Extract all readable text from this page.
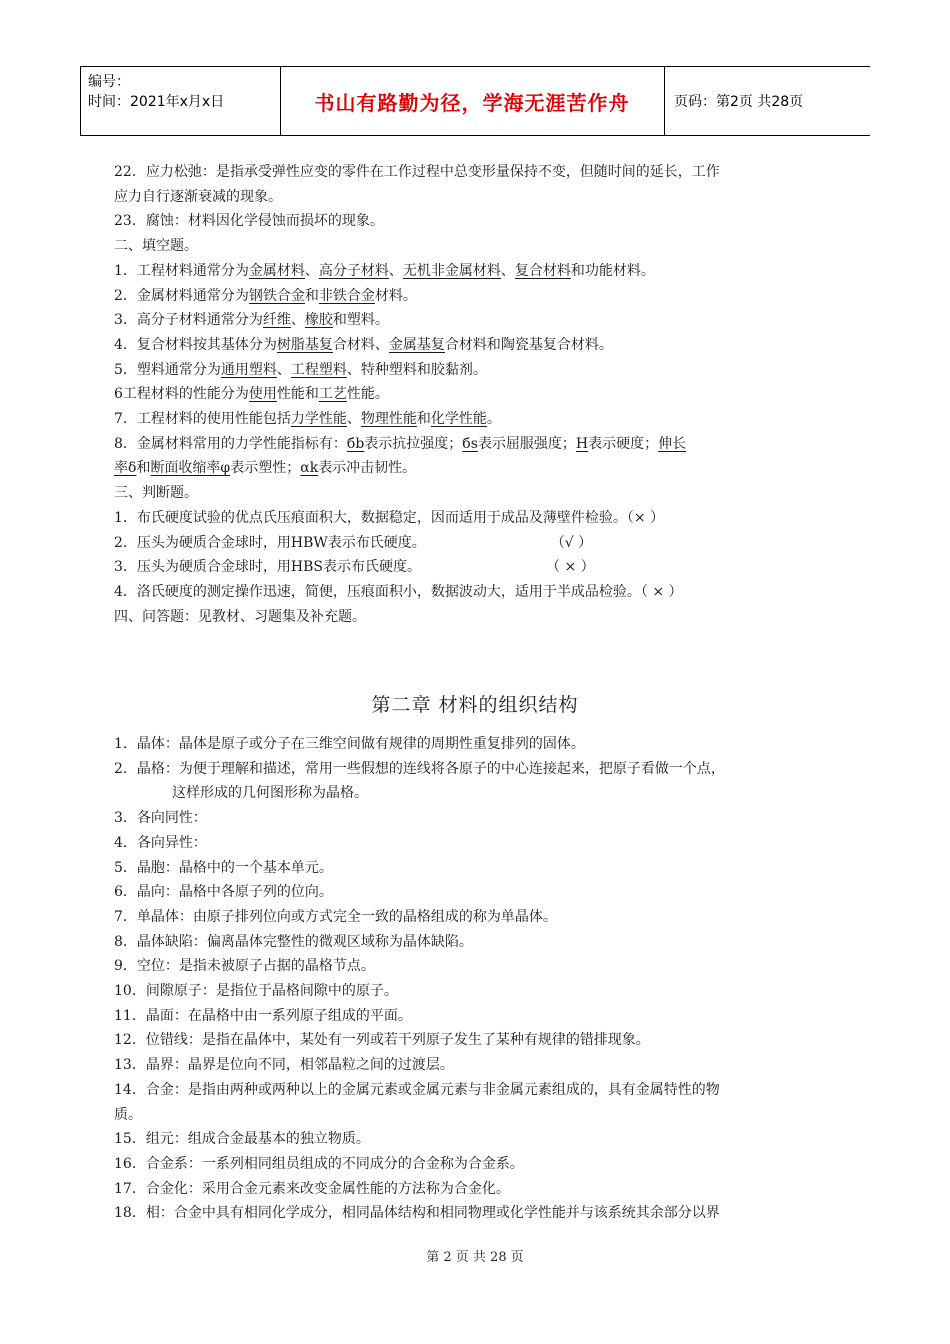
编号：
时间：2021年x月x日	书山有路勤为径，学海无涯苦作舟	页码：第2页 共28页
22．应力松弛：是指承受弹性应变的零件在工作过程中总变形量保持不变，但随时间的延长，工作
应力自行逐渐衰减的现象。
23．腐蚀：材料因化学侵蚀而损坏的现象。
二、填空题。
1．工程材料通常分为金属材料、高分子材料、无机非金属材料、复合材料和功能材料。
2．金属材料通常分为钢铁合金和非铁合金材料。
3．高分子材料通常分为纤维、橡胶和塑料。
4．复合材料按其基体分为树脂基复合材料、金属基复合材料和陶瓷基复合材料。
5．塑料通常分为通用塑料、工程塑料、特种塑料和胶黏剂。
6工程材料的性能分为使用性能和工艺性能。
7．工程材料的使用性能包括力学性能、物理性能和化学性能。
8．金属材料常用的力学性能指标有：бb表示抗拉强度；бs表示屈服强度；H表示硬度；伸长
率δ和断面收缩率φ表示塑性；αk表示冲击韧性。
三、判断题。
1．布氏硬度试验的优点氏压痕面积大，数据稳定，因而适用于成品及薄壁件检验。（× ）
2．压头为硬质合金球时，用HBW表示布氏硬度。	（√ ）
3．压头为硬质合金球时，用HBS表示布氏硬度。	（ × ）
4．洛氏硬度的测定操作迅速，简便，压痕面积小，数据波动大，适用于半成品检验。（ × ）
四、问答题：见教材、习题集及补充题。
第二章 材料的组织结构
1．晶体：晶体是原子或分子在三维空间做有规律的周期性重复排列的固体。
2．晶格：为便于理解和描述，常用一些假想的连线将各原子的中心连接起来，把原子看做一个点，
这样形成的几何图形称为晶格。
3．各向同性：
4．各向异性：
5．晶胞：晶格中的一个基本单元。
6．晶向：晶格中各原子列的位向。
7．单晶体：由原子排列位向或方式完全一致的晶格组成的称为单晶体。
8．晶体缺陷：偏离晶体完整性的微观区域称为晶体缺陷。
9．空位：是指未被原子占据的晶格节点。
10．间隙原子：是指位于晶格间隙中的原子。
11．晶面：在晶格中由一系列原子组成的平面。
12．位错线：是指在晶体中，某处有一列或若干列原子发生了某种有规律的错排现象。
13．晶界：晶界是位向不同，相邻晶粒之间的过渡层。
14．合金：是指由两种或两种以上的金属元素或金属元素与非金属元素组成的，具有金属特性的物
质。
15．组元：组成合金最基本的独立物质。
16．合金系：一系列相同组员组成的不同成分的合金称为合金系。
17．合金化：采用合金元素来改变金属性能的方法称为合金化。
18．相：合金中具有相同化学成分，相同晶体结构和相同物理或化学性能并与该系统其余部分以界
第 2 页 共 28 页
